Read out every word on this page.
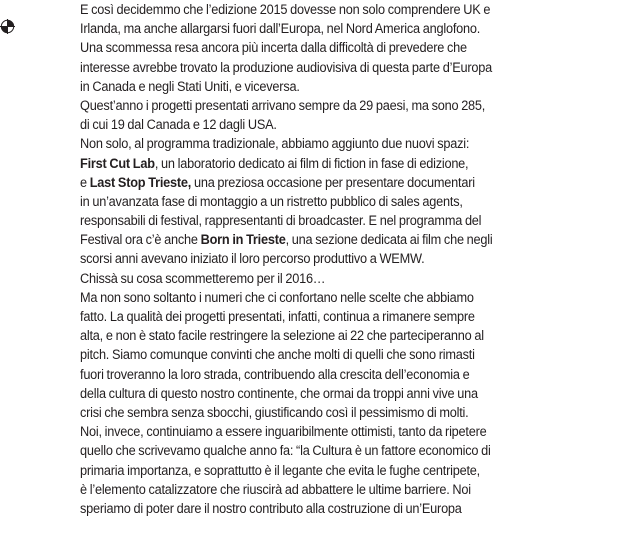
E così decidemmo che l’edizione 2015 dovesse non solo comprendere UK e
Irlanda, ma anche allargarsi fuori dall’Europa, nel Nord America anglofono.
Una scommessa resa ancora più incerta dalla difficoltà di prevedere che
interesse avrebbe trovato la produzione audiovisiva di questa parte d’Europa
in Canada e negli Stati Uniti, e viceversa.
Quest’anno i progetti presentati arrivano sempre da 29 paesi, ma sono 285,
di cui 19 dal Canada e 12 dagli USA.
Non solo, al programma tradizionale, abbiamo aggiunto due nuovi spazi:
First Cut Lab, un laboratorio dedicato ai film di fiction in fase di edizione,
e Last Stop Trieste, una preziosa occasione per presentare documentari
in un’avanzata fase di montaggio a un ristretto pubblico di sales agents,
responsabili di festival, rappresentanti di broadcaster. E nel programma del
Festival ora c’è anche Born in Trieste, una sezione dedicata ai film che negli
scorsi anni avevano iniziato il loro percorso produttivo a WEMW.
Chissà su cosa scommetteremo per il 2016…
Ma non sono soltanto i numeri che ci confortano nelle scelte che abbiamo
fatto. La qualità dei progetti presentati, infatti, continua a rimanere sempre
alta, e non è stato facile restringere la selezione ai 22 che parteciperanno al
pitch. Siamo comunque convinti che anche molti di quelli che sono rimasti
fuori troveranno la loro strada, contribuendo alla crescita dell’economia e
della cultura di questo nostro continente, che ormai da troppi anni vive una
crisi che sembra senza sbocchi, giustificando così il pessimismo di molti.
Noi, invece, continuiamo a essere inguaribilmente ottimisti, tanto da ripetere
quello che scrivevamo qualche anno fa: “la Cultura è un fattore economico di
primaria importanza, e soprattutto è il legante che evita le fughe centripete,
è l’elemento catalizzatore che riuscirà ad abbattere le ultime barriere. Noi
speriamo di poter dare il nostro contributo alla costruzione di un’Europa
